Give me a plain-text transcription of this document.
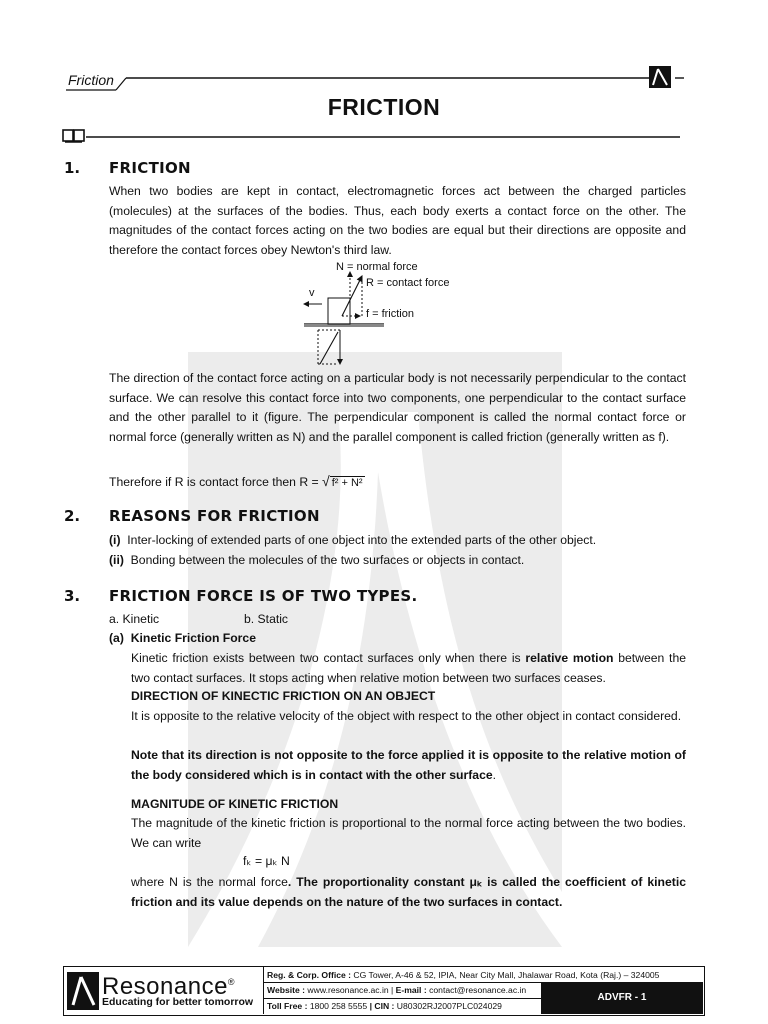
Friction
FRICTION
1. FRICTION
When two bodies are kept in contact, electromagnetic forces act between the charged particles (molecules) at the surfaces of the bodies. Thus, each body exerts a contact force on the other. The magnitudes of the contact forces acting on the two bodies are equal but their directions are opposite and therefore the contact forces obey Newton's third law.
N = normal force
R = contact force
f = friction
v
The direction of the contact force acting on a particular body is not necessarily perpendicular to the contact surface. We can resolve this contact force into two components, one perpendicular to the contact surface and the other parallel to it (figure. The perpendicular component is called the normal contact force or normal force (generally written as N) and the parallel component is called friction (generally written as f).
Therefore if R is contact force then R = √ f² + N²
2. REASONS FOR FRICTION
(i) Inter-locking of extended parts of one object into the extended parts of the other object.
(ii) Bonding between the molecules of the two surfaces or objects in contact.
3. FRICTION FORCE IS OF TWO TYPES.
a. Kinetic	b. Static
(a) Kinetic Friction Force
Kinetic friction exists between two contact surfaces only when there is relative motion between the two contact surfaces. It stops acting when relative motion between two surfaces ceases.
DIRECTION OF KINECTIC FRICTION ON AN OBJECT
It is opposite to the relative velocity of the object with respect to the other object in contact considered.
Note that its direction is not opposite to the force applied it is opposite to the relative motion of the body considered which is in contact with the other surface.
MAGNITUDE OF KINETIC FRICTION
The magnitude of the kinetic friction is proportional to the normal force acting between the two bodies. We can write
fₖ = μₖ N
where N is the normal force. The proportionality constant μₖ is called the coefficient of kinetic friction and its value depends on the nature of the two surfaces in contact.
Resonance®
Educating for better tomorrow
Reg. & Corp. Office : CG Tower, A-46 & 52, IPIA, Near City Mall, Jhalawar Road, Kota (Raj.) – 324005
Website : www.resonance.ac.in | E-mail : contact@resonance.ac.in
Toll Free : 1800 258 5555 | CIN : U80302RJ2007PLC024029
ADVFR - 1
